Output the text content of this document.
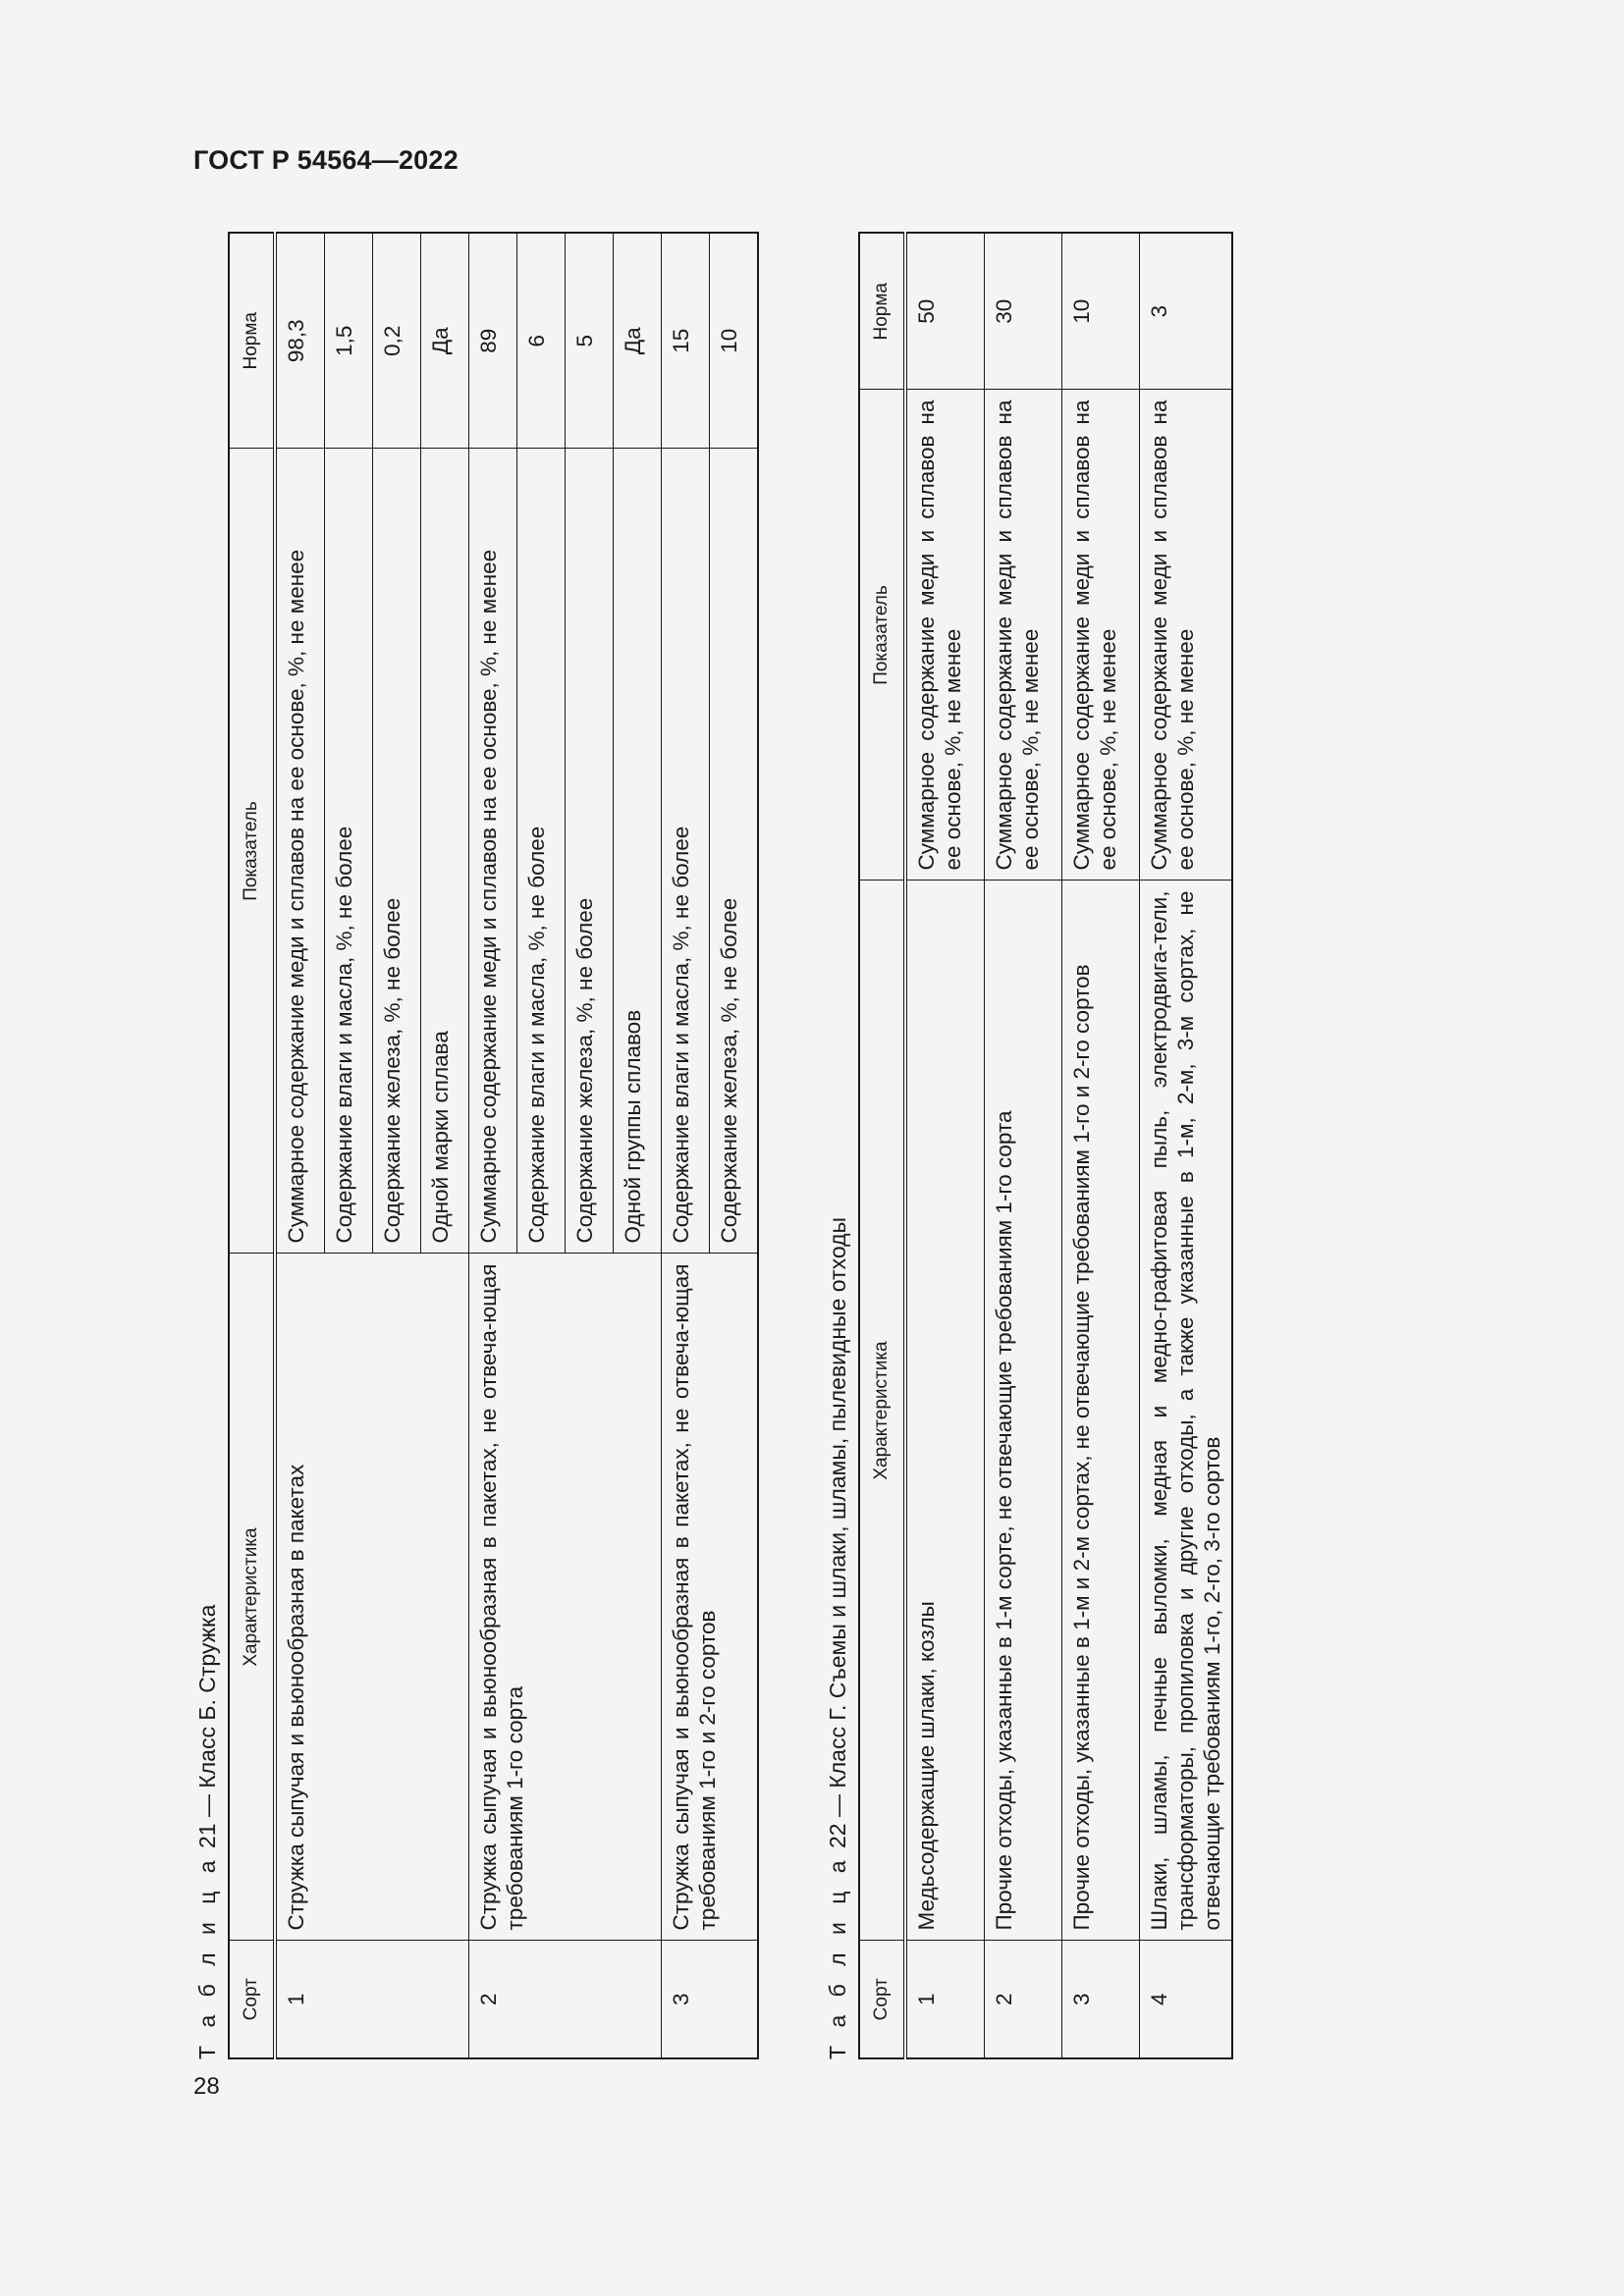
ГОСТ Р 54564—2022
Т а б л и ц а 21 — Класс Б. Стружка
Сорт	Характеристика	Показатель	Норма
1	Стружка сыпучая и вьюнообразная в пакетах	Суммарное содержание меди и сплавов на ее основе, %, не менее	98,3
		Содержание влаги и масла, %, не более	1,5
		Содержание железа, %, не более	0,2
		Одной марки сплава	Да
2	Стружка сыпучая и вьюнообразная в пакетах, не отвеча-ющая требованиям 1-го сорта	Суммарное содержание меди и сплавов на ее основе, %, не менее	89
		Содержание влаги и масла, %, не более	6
		Содержание железа, %, не более	5
		Одной группы сплавов	Да
3	Стружка сыпучая и вьюнообразная в пакетах, не отвеча-ющая требованиям 1-го и 2-го сортов	Содержание влаги и масла, %, не более	15
		Содержание железа, %, не более	10
Т а б л и ц а 22 — Класс Г. Съемы и шлаки, шламы, пылевидные отходы
Сорт	Характеристика	Показатель	Норма
1	Медьсодержащие шлаки, козлы	Суммарное содержание меди и сплавов на ее основе, %, не менее	50
2	Прочие отходы, указанные в 1-м сорте, не отвечающие требованиям 1-го сорта	Суммарное содержание меди и сплавов на ее основе, %, не менее	30
3	Прочие отходы, указанные в 1-м и 2-м сортах, не отвечающие требованиям 1-го и 2-го сортов	Суммарное содержание меди и сплавов на ее основе, %, не менее	10
4	Шлаки, шламы, печные выломки, медная и медно-графитовая пыль, электродвига-тели, трансформаторы, пропиловка и другие отходы, а также указанные в 1-м, 2-м, 3-м сортах, не отвечающие требованиям 1-го, 2-го, 3-го сортов	Суммарное содержание меди и сплавов на ее основе, %, не менее	3
28
